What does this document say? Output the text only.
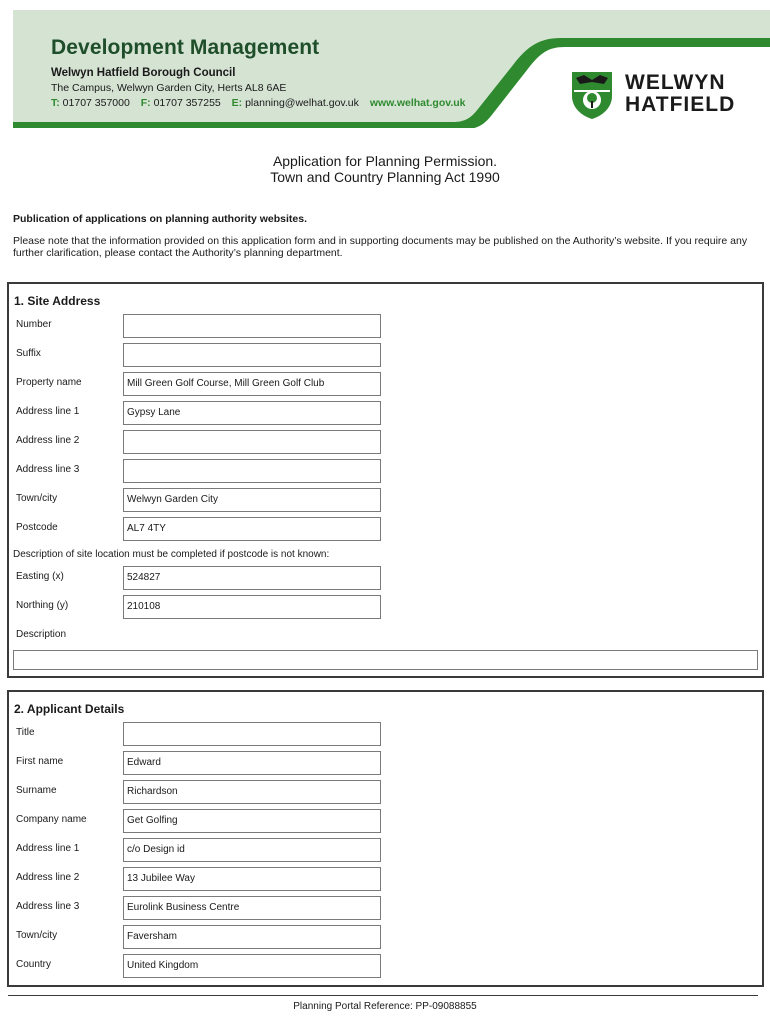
Development Management
Welwyn Hatfield Borough Council
The Campus, Welwyn Garden City, Herts AL8 6AE
T: 01707 357000 F: 01707 357255 E: planning@welhat.gov.uk www.welhat.gov.uk
WELWYN
HATFIELD
Application for Planning Permission.
Town and Country Planning Act 1990
Publication of applications on planning authority websites.
Please note that the information provided on this application form and in supporting documents may be published on the Authority’s website. If you require any further clarification, please contact the Authority’s planning department.
1. Site Address
Number
Suffix
Property name	Mill Green Golf Course, Mill Green Golf Club
Address line 1	Gypsy Lane
Address line 2
Address line 3
Town/city	Welwyn Garden City
Postcode	AL7 4TY
Description of site location must be completed if postcode is not known:
Easting (x)	524827
Northing (y)	210108
Description
2. Applicant Details
Title
First name	Edward
Surname	Richardson
Company name	Get Golfing
Address line 1	c/o Design id
Address line 2	13 Jubilee Way
Address line 3	Eurolink Business Centre
Town/city	Faversham
Country	United Kingdom
Planning Portal Reference: PP-09088855
